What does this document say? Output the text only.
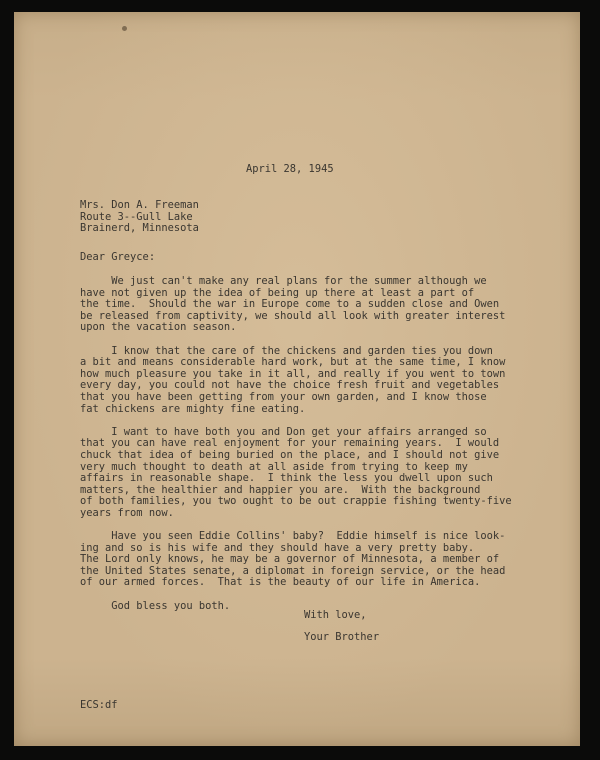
April 28, 1945
Mrs. Don A. Freeman
Route 3--Gull Lake
Brainerd, Minnesota
Dear Greyce:
We just can't make any real plans for the summer although we
have not given up the idea of being up there at least a part of
the time.  Should the war in Europe come to a sudden close and Owen
be released from captivity, we should all look with greater interest
upon the vacation season.
I know that the care of the chickens and garden ties you down
a bit and means considerable hard work, but at the same time, I know
how much pleasure you take in it all, and really if you went to town
every day, you could not have the choice fresh fruit and vegetables
that you have been getting from your own garden, and I know those
fat chickens are mighty fine eating.
I want to have both you and Don get your affairs arranged so
that you can have real enjoyment for your remaining years.  I would
chuck that idea of being buried on the place, and I should not give
very much thought to death at all aside from trying to keep my
affairs in reasonable shape.  I think the less you dwell upon such
matters, the healthier and happier you are.  With the background
of both families, you two ought to be out crappie fishing twenty-five
years from now.
Have you seen Eddie Collins' baby?  Eddie himself is nice look-
ing and so is his wife and they should have a very pretty baby.
The Lord only knows, he may be a governor of Minnesota, a member of
the United States senate, a diplomat in foreign service, or the head
of our armed forces.  That is the beauty of our life in America.
God bless you both.
With love,
Your Brother
ECS:df
